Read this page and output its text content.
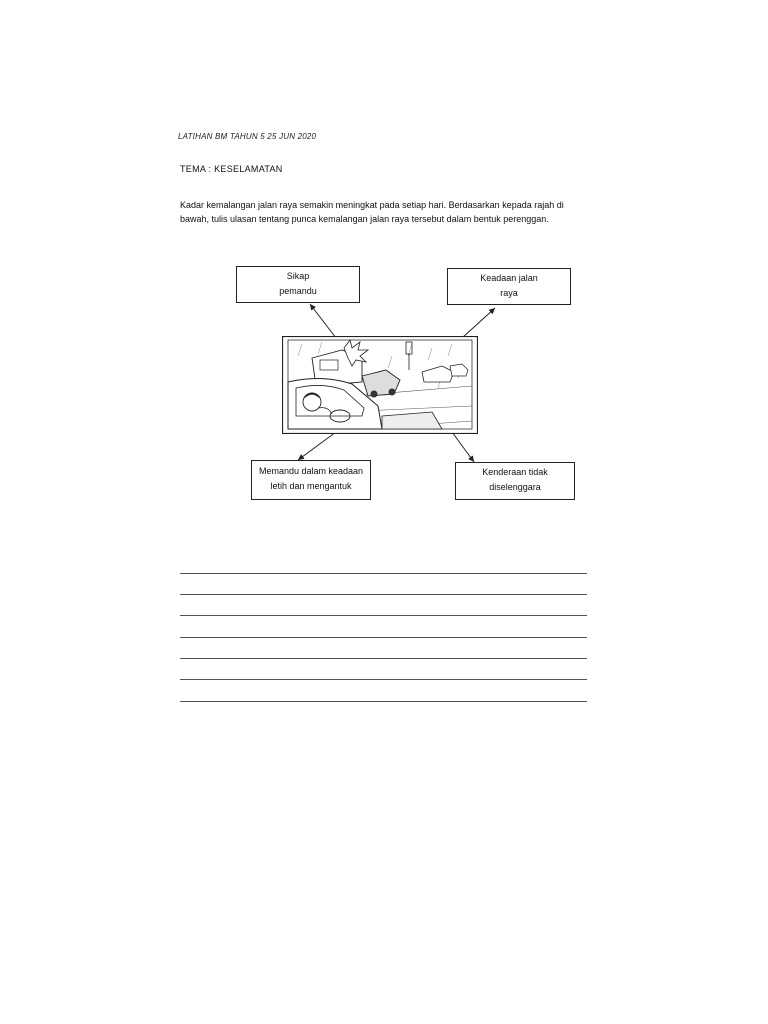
LATIHAN BM TAHUN 5 25 JUN 2020
TEMA : KESELAMATAN
Kadar kemalangan jalan raya semakin meningkat pada setiap hari. Berdasarkan kepada rajah di
bawah, tulis ulasan tentang punca kemalangan jalan raya tersebut dalam bentuk perenggan.
Sikap
pemandu
Keadaan jalan
raya
Memandu dalam keadaan
letih dan mengantuk
Kenderaan tidak
diselenggara
